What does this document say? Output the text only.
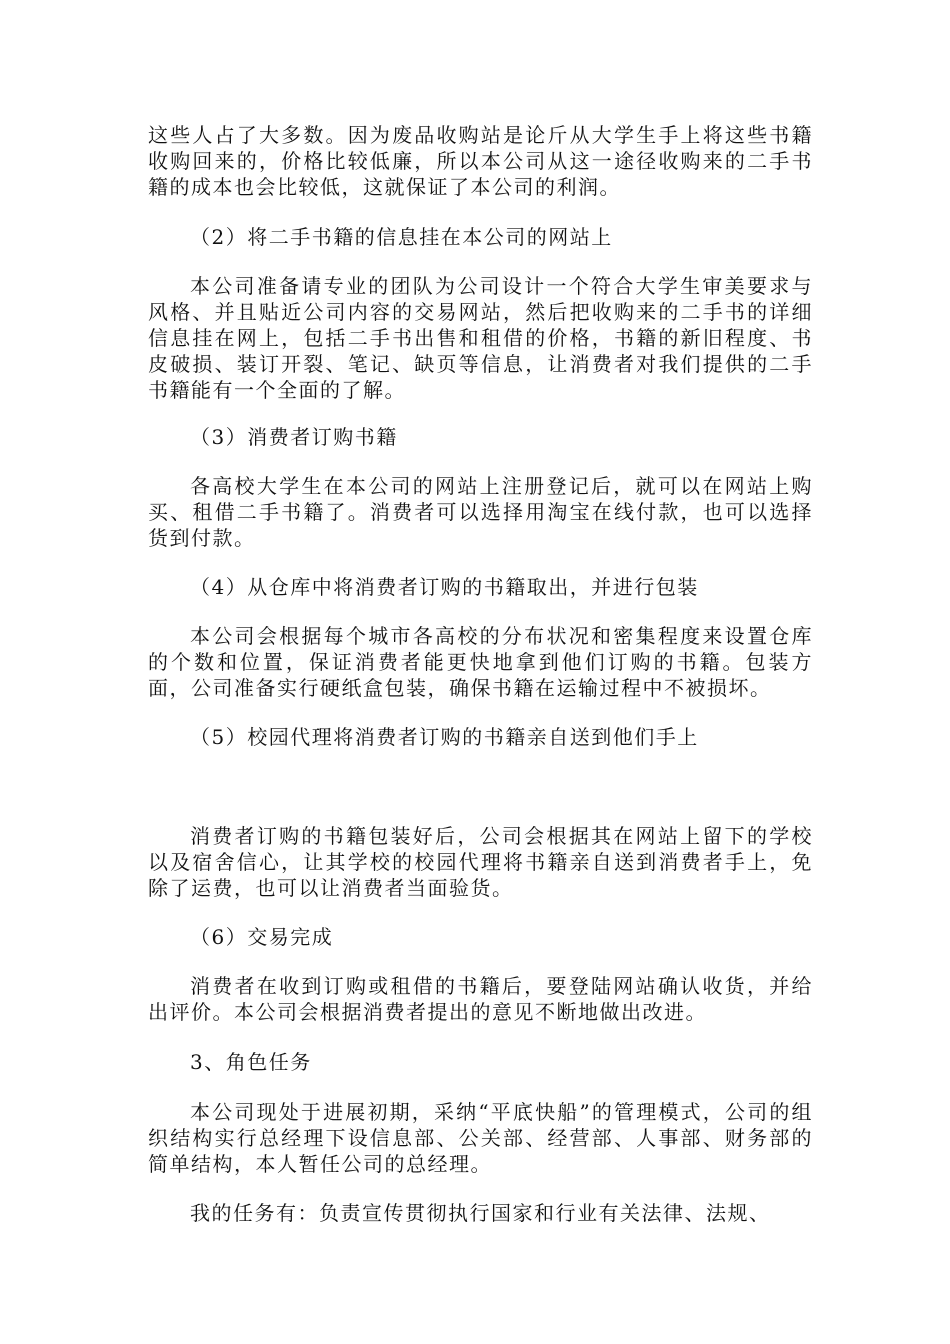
这些人占了大多数。因为废品收购站是论斤从大学生手上将这些书籍收购回来的，价格比较低廉，所以本公司从这一途径收购来的二手书籍的成本也会比较低，这就保证了本公司的利润。

（2）将二手书籍的信息挂在本公司的网站上

本公司准备请专业的团队为公司设计一个符合大学生审美要求与风格、并且贴近公司内容的交易网站，然后把收购来的二手书的详细信息挂在网上，包括二手书出售和租借的价格，书籍的新旧程度、书皮破损、装订开裂、笔记、缺页等信息，让消费者对我们提供的二手书籍能有一个全面的了解。

（3）消费者订购书籍

各高校大学生在本公司的网站上注册登记后，就可以在网站上购买、租借二手书籍了。消费者可以选择用淘宝在线付款，也可以选择货到付款。

（4）从仓库中将消费者订购的书籍取出，并进行包装

本公司会根据每个城市各高校的分布状况和密集程度来设置仓库的个数和位置，保证消费者能更快地拿到他们订购的书籍。包装方面，公司准备实行硬纸盒包装，确保书籍在运输过程中不被损坏。

（5）校园代理将消费者订购的书籍亲自送到他们手上

消费者订购的书籍包装好后，公司会根据其在网站上留下的学校以及宿舍信心，让其学校的校园代理将书籍亲自送到消费者手上，免除了运费，也可以让消费者当面验货。

（6）交易完成

消费者在收到订购或租借的书籍后，要登陆网站确认收货，并给出评价。本公司会根据消费者提出的意见不断地做出改进。

3、角色任务

本公司现处于进展初期，采纳“平底快船”的管理模式，公司的组织结构实行总经理下设信息部、公关部、经营部、人事部、财务部的简单结构，本人暂任公司的总经理。

我的任务有：负责宣传贯彻执行国家和行业有关法律、法规、
